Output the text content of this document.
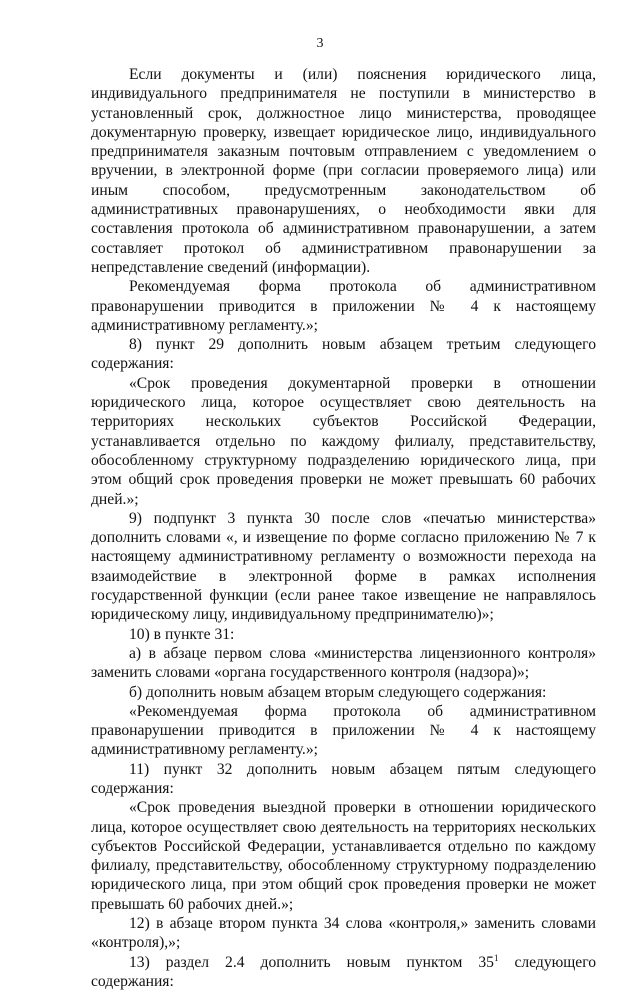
3

Если документы и (или) пояснения юридического лица, индивидуального предпринимателя не поступили в министерство в установленный срок, должностное лицо министерства, проводящее документарную проверку, извещает юридическое лицо, индивидуального предпринимателя заказным почтовым отправлением с уведомлением о вручении, в электронной форме (при согласии проверяемого лица) или иным способом, предусмотренным законодательством об административных правонарушениях, о необходимости явки для составления протокола об административном правонарушении, а затем составляет протокол об административном правонарушении за непредставление сведений (информации).

Рекомендуемая форма протокола об административном правонарушении приводится в приложении № 4 к настоящему административному регламенту.»;

8) пункт 29 дополнить новым абзацем третьим следующего содержания:

«Срок проведения документарной проверки в отношении юридического лица, которое осуществляет свою деятельность на территориях нескольких субъектов Российской Федерации, устанавливается отдельно по каждому филиалу, представительству, обособленному структурному подразделению юридического лица, при этом общий срок проведения проверки не может превышать 60 рабочих дней.»;

9) подпункт 3 пункта 30 после слов «печатью министерства» дополнить словами «, и извещение по форме согласно приложению № 7 к настоящему административному регламенту о возможности перехода на взаимодействие в электронной форме в рамках исполнения государственной функции (если ранее такое извещение не направлялось юридическому лицу, индивидуальному предпринимателю)»;

10) в пункте 31:

а) в абзаце первом слова «министерства лицензионного контроля» заменить словами «органа государственного контроля (надзора)»;

б) дополнить новым абзацем вторым следующего содержания:

«Рекомендуемая форма протокола об административном правонарушении приводится в приложении № 4 к настоящему административному регламенту.»;

11) пункт 32 дополнить новым абзацем пятым следующего содержания:

«Срок проведения выездной проверки в отношении юридического лица, которое осуществляет свою деятельность на территориях нескольких субъектов Российской Федерации, устанавливается отдельно по каждому филиалу, представительству, обособленному структурному подразделению юридического лица, при этом общий срок проведения проверки не может превышать 60 рабочих дней.»;

12) в абзаце втором пункта 34 слова «контроля,» заменить словами «контроля),»;

13) раздел 2.4 дополнить новым пунктом $35^1$ следующего содержания:
